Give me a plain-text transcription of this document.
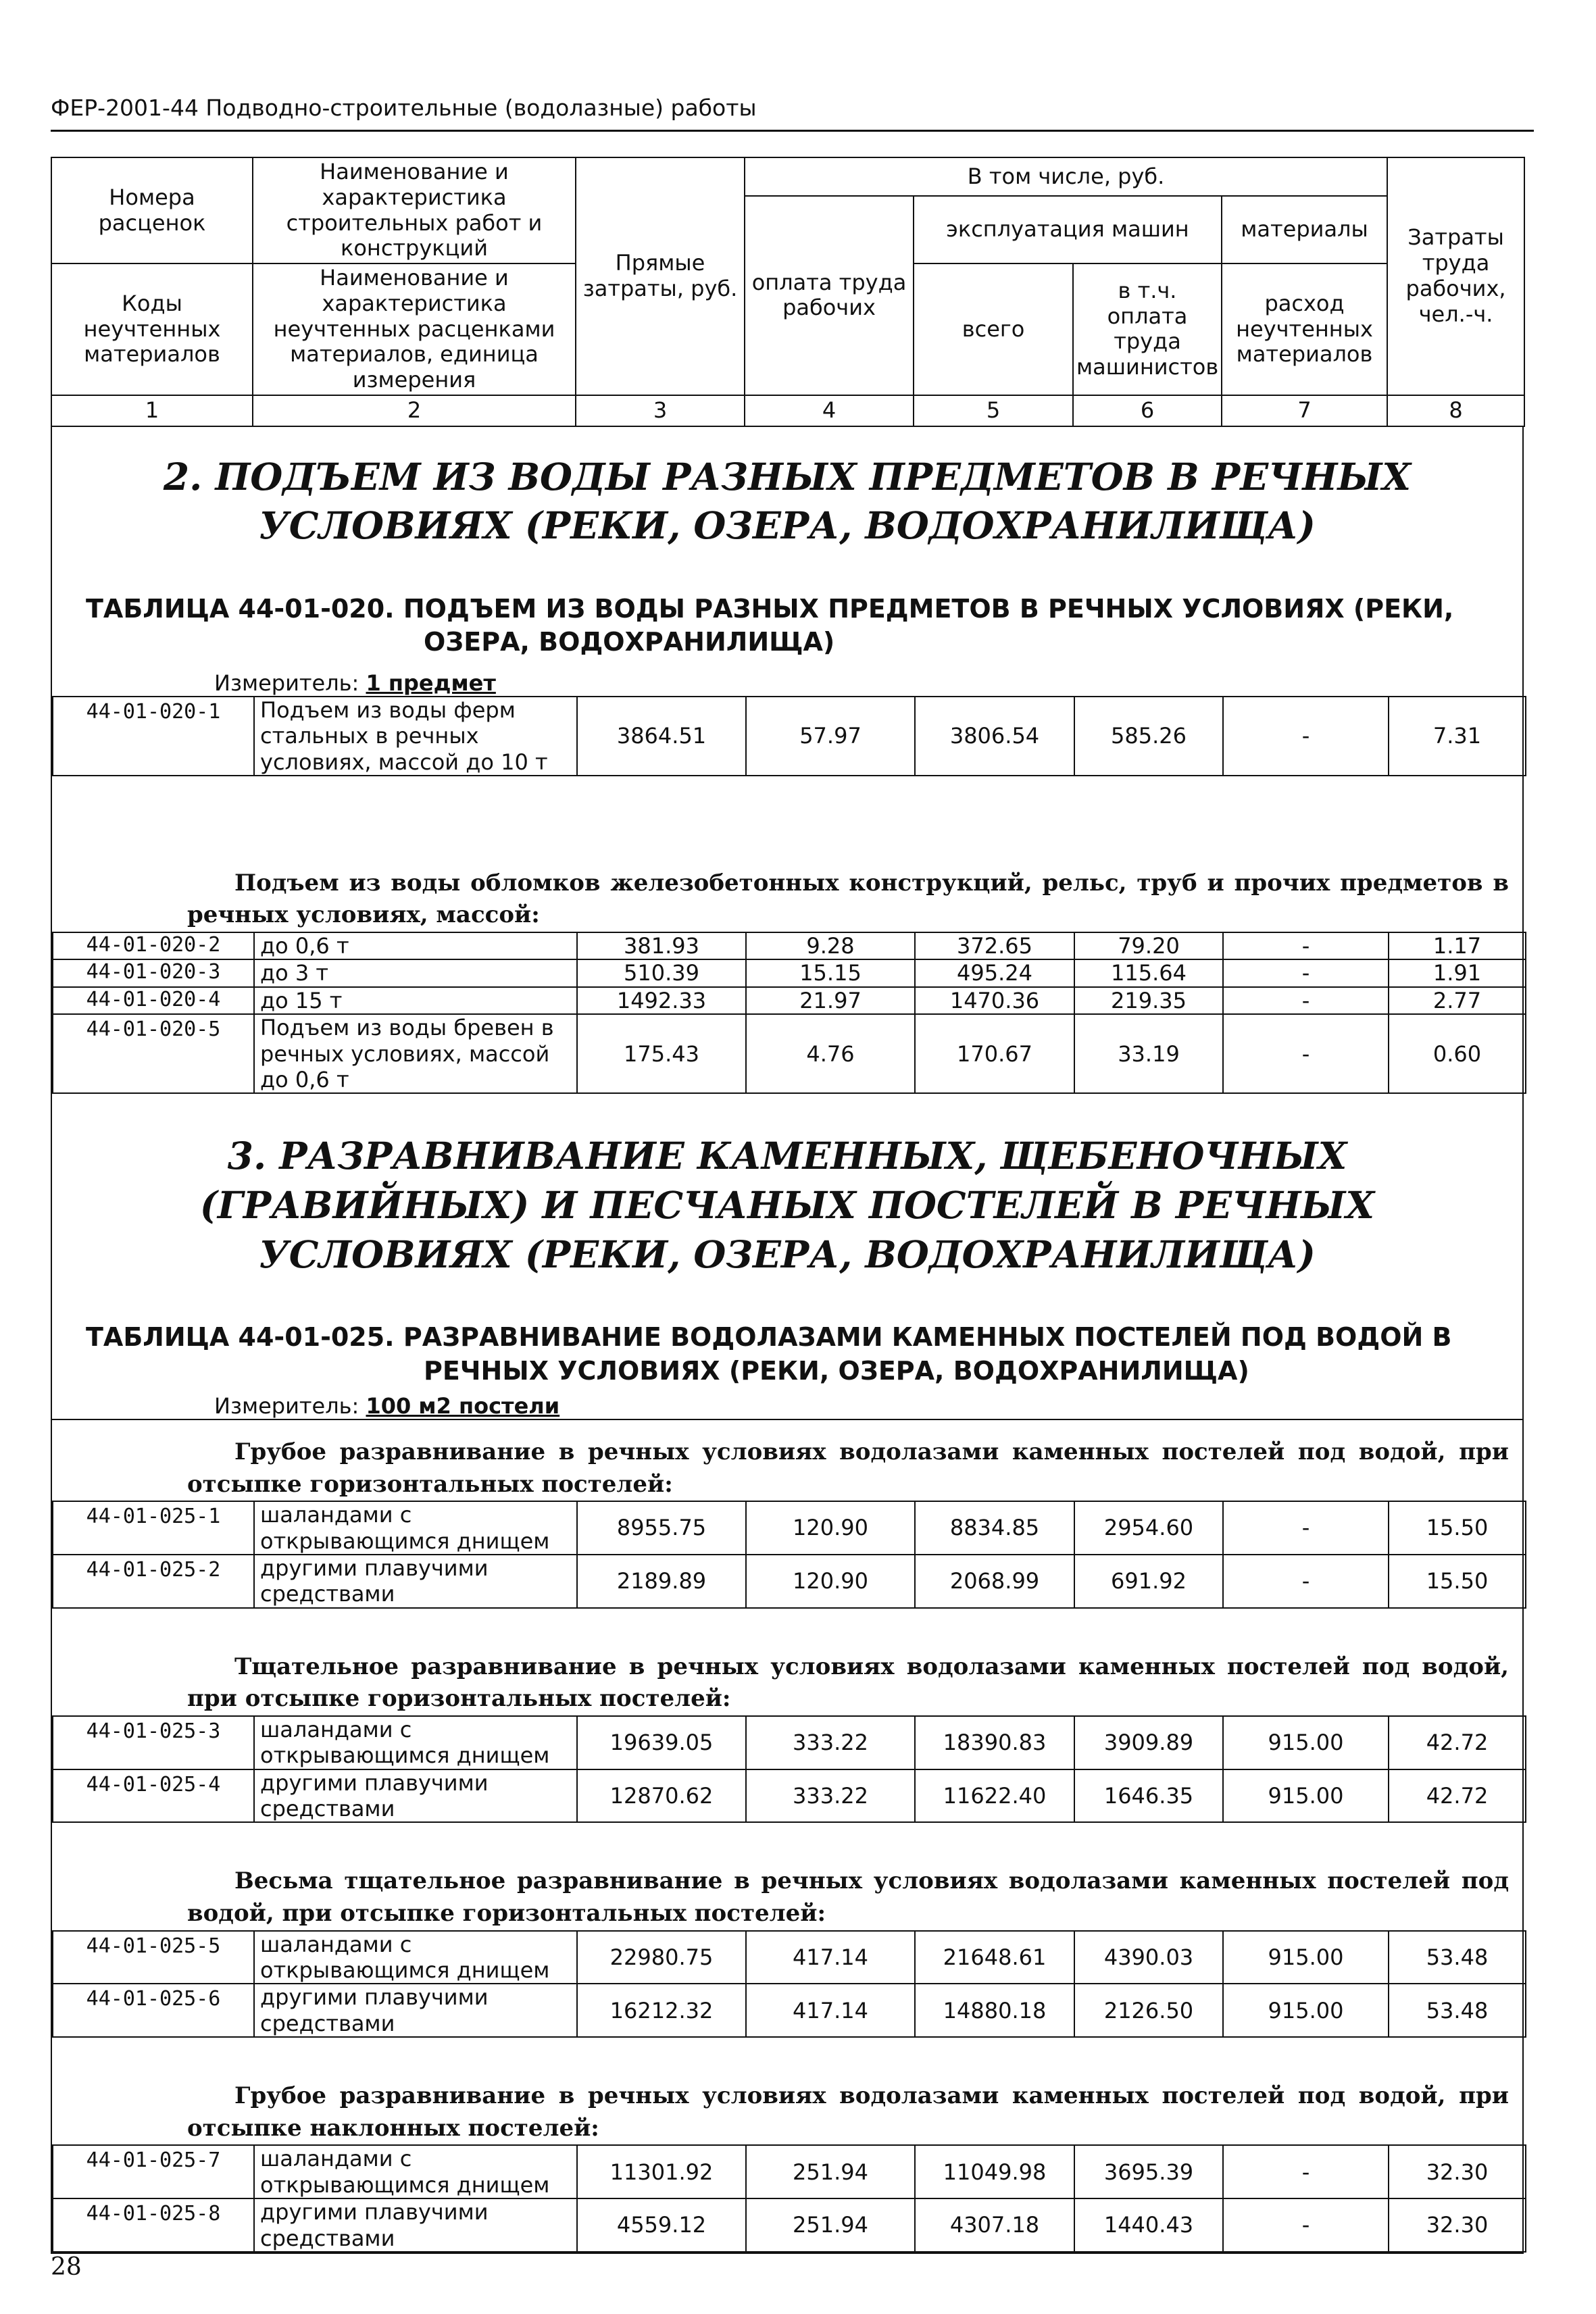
ФЕР-2001-44 Подводно-строительные (водолазные) работы
Номера расценок	Наименование и характеристика строительных работ и конструкций	Прямые затраты, руб.	В том числе, руб.				Затраты труда рабочих, чел.-ч.
			оплата труда рабочих	эксплуатация машин		материалы	
Коды неучтенных материалов	Наименование и характеристика неучтенных расценками материалов, единица измерения			всего	в т.ч. оплата труда машинистов	расход неучтенных материалов	

1	2	3	4	5	6	7	8
2. ПОДЪЕМ ИЗ ВОДЫ РАЗНЫХ ПРЕДМЕТОВ В РЕЧНЫХ УСЛОВИЯХ (РЕКИ, ОЗЕРА, ВОДОХРАНИЛИЩА)
ТАБЛИЦА 44-01-020. ПОДЪЕМ ИЗ ВОДЫ РАЗНЫХ ПРЕДМЕТОВ В РЕЧНЫХ УСЛОВИЯХ (РЕКИ,
ОЗЕРА, ВОДОХРАНИЛИЩА)
Измеритель: 1 предмет
44-01-020-1	Подъем из воды ферм стальных в речных условиях, массой до 10 т	3864.51	57.97	3806.54	585.26	-	7.31

Подъем из воды обломков железобетонных конструкций, рельс, труб и прочих предметов в речных условиях, массой:
44-01-020-2	до 0,6 т	381.93	9.28	372.65	79.20	-	1.17
44-01-020-3	до 3 т	510.39	15.15	495.24	115.64	-	1.91
44-01-020-4	до 15 т	1492.33	21.97	1470.36	219.35	-	2.77
44-01-020-5	Подъем из воды бревен в речных условиях, массой до 0,6 т	175.43	4.76	170.67	33.19	-	0.60
3. РАЗРАВНИВАНИЕ КАМЕННЫХ, ЩЕБЕНОЧНЫХ (ГРАВИЙНЫХ) И ПЕСЧАНЫХ ПОСТЕЛЕЙ В РЕЧНЫХ УСЛОВИЯХ (РЕКИ, ОЗЕРА, ВОДОХРАНИЛИЩА)
ТАБЛИЦА 44-01-025. РАЗРАВНИВАНИЕ ВОДОЛАЗАМИ КАМЕННЫХ ПОСТЕЛЕЙ ПОД ВОДОЙ В
РЕЧНЫХ УСЛОВИЯХ (РЕКИ, ОЗЕРА, ВОДОХРАНИЛИЩА)
Измеритель: 100 м2 постели
Грубое разравнивание в речных условиях водолазами каменных постелей под водой, при отсыпке горизонтальных постелей:
44-01-025-1	шаландами с открывающимся днищем	8955.75	120.90	8834.85	2954.60	-	15.50
44-01-025-2	другими плавучими средствами	2189.89	120.90	2068.99	691.92	-	15.50

Тщательное разравнивание в речных условиях водолазами каменных постелей под водой, при отсыпке горизонтальных постелей:
44-01-025-3	шаландами с открывающимся днищем	19639.05	333.22	18390.83	3909.89	915.00	42.72
44-01-025-4	другими плавучими средствами	12870.62	333.22	11622.40	1646.35	915.00	42.72

Весьма тщательное разравнивание в речных условиях водолазами каменных постелей под водой, при отсыпке горизонтальных постелей:
44-01-025-5	шаландами с открывающимся днищем	22980.75	417.14	21648.61	4390.03	915.00	53.48
44-01-025-6	другими плавучими средствами	16212.32	417.14	14880.18	2126.50	915.00	53.48

Грубое разравнивание в речных условиях водолазами каменных постелей под водой, при отсыпке наклонных постелей:
44-01-025-7	шаландами с открывающимся днищем	11301.92	251.94	11049.98	3695.39	-	32.30
44-01-025-8	другими плавучими средствами	4559.12	251.94	4307.18	1440.43	-	32.30
28
